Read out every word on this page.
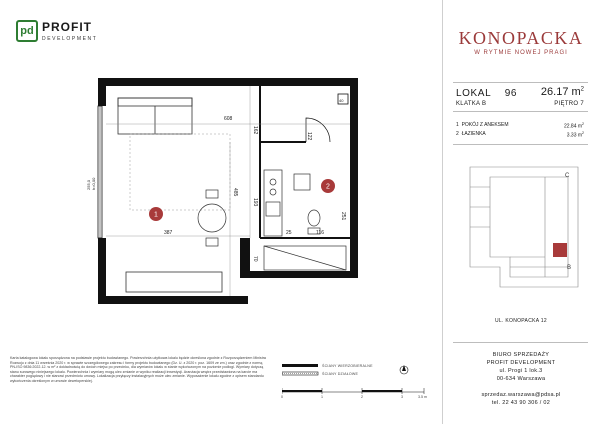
pd PROFIT
DEVELOPMENT
608
162
485
193
122
387
251
25	116
70
255,0 h=0,00
40
1
2
Karta katalogowa lokalu sporządzona na podstawie projektu budowlanego. Powierzchnia użytkowa lokalu będzie określona zgodnie z Rozporządzeniem Ministra Rozwoju z dnia 11 września 2020 r. w sprawie szczegółowego zakresu i formy projektu budowlanego (Dz. U. z 2020 r. poz. 1609 ze zm.) oraz zgodnie z normą PN-ISO 9836:2022-12. w m² z dokładnością do dwóch miejsc po przecinku, dla wymiarów lokalu w stanie wykończonym na poziomie podłogi. Wymiary dotyczą stanu surowego niniejszego lokalu. Powierzchnia i wymiary mogą ulec zmianie w wyniku realizacji inwestycji. Aranżacja wnętrz przedstawiona na karcie ma charakter poglądowy i nie stanowi przedmiotu umowy. Lokalizacja przyłączy instalacyjnych może ulec zmianie. Wyposażenie lokalu zgodne z opisem standardu wykończenia określonym w umowie deweloperskiej.
ŚCIANY WIERZOBIERALNE
ŚCIANY DZIAŁOWE
0	1	2	3	3.5 m
KONOPACKA
W RYTMIE NOWEJ PRAGI
LOKAL 96 26.17 $m^2$
KLATKA B	PIĘTRO 7
1 POKÓJ Z ANEKSEM	22.84 $m^2$
2 ŁAZIENKA	3.33 $m^2$
C
B
UL. KONOPACKA 12
BIURO SPRZEDAŻY
PROFIT DEVELOPMENT
ul. Progi 1 lok.3
00-634 Warszawa
sprzedaz.warszawa@pdsa.pl
tel. 22 43 90 306 / 02
